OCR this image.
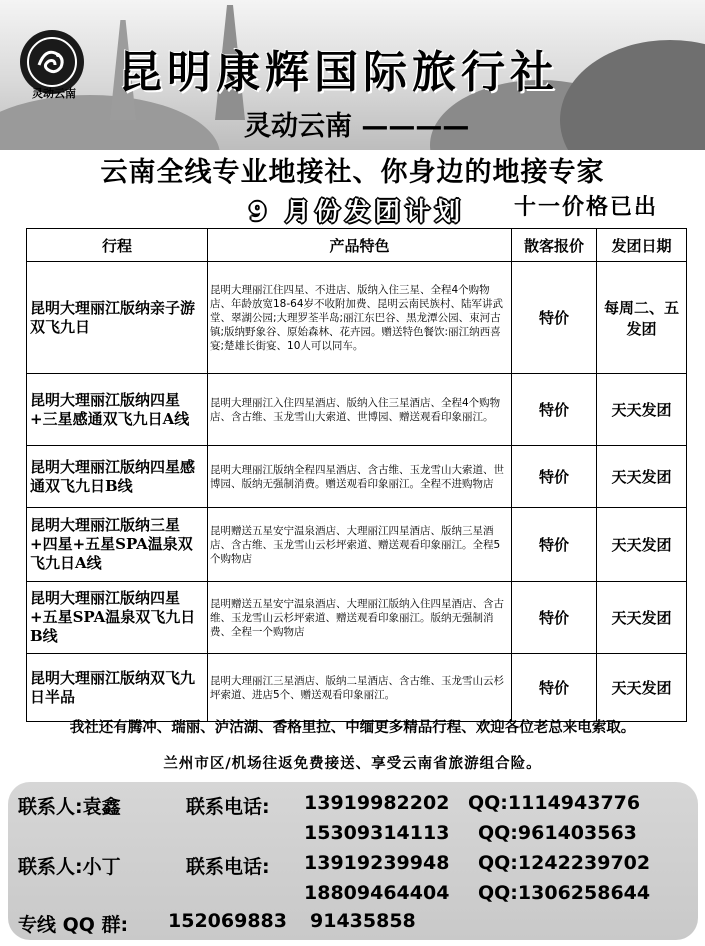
灵动云南 昆明康辉国际旅行社
灵动云南 ————
云南全线专业地接社、你身边的地接专家
9 月份发团计划	十一价格已出
行程	产品特色	散客报价	发团日期
昆明大理丽江版纳亲子游双飞九日	昆明大理丽江住四星、不进店、版纳入住三星、全程4个购物店、年龄放宽18-64岁不收附加费、昆明云南民族村、陆军讲武堂、翠湖公园;大理罗荃半岛;丽江东巴谷、黑龙潭公园、束河古镇;版纳野象谷、原始森林、花卉园。赠送特色餐饮:丽江纳西喜宴;楚雄长街宴、10人可以同车。	特价	每周二、五发团
昆明大理丽江版纳四星+三星感通双飞九日A线	昆明大理丽江入住四星酒店、版纳入住三星酒店、全程4个购物店、含古维、玉龙雪山大索道、世博园、赠送观看印象丽江。	特价	天天发团
昆明大理丽江版纳四星感通双飞九日B线	昆明大理丽江版纳全程四星酒店、含古维、玉龙雪山大索道、世博园、版纳无强制消费。赠送观看印象丽江。全程不进购物店	特价	天天发团
昆明大理丽江版纳三星+四星+五星SPA温泉双飞九日A线	昆明赠送五星安宁温泉酒店、大理丽江四星酒店、版纳三星酒店、含古维、玉龙雪山云杉坪索道、赠送观看印象丽江。全程5个购物店	特价	天天发团
昆明大理丽江版纳四星+五星SPA温泉双飞九日B线	昆明赠送五星安宁温泉酒店、大理丽江版纳入住四星酒店、含古维、玉龙雪山云杉坪索道、赠送观看印象丽江。版纳无强制消费、全程一个购物店	特价	天天发团
昆明大理丽江版纳双飞九日半品	昆明大理丽江三星酒店、版纳二星酒店、含古维、玉龙雪山云杉坪索道、进店5个、赠送观看印象丽江。	特价	天天发团
我社还有腾冲、瑞丽、泸沽湖、香格里拉、中缅更多精品行程、欢迎各位老总来电索取。
兰州市区/机场往返免费接送、享受云南省旅游组合险。
联系人:袁鑫	联系电话: 13919982202 QQ:1114943776
15309314113 QQ:961403563
联系人:小丁	联系电话: 13919239948 QQ:1242239702
18809464404 QQ:1306258644
专线 QQ 群: 152069883 91435858
